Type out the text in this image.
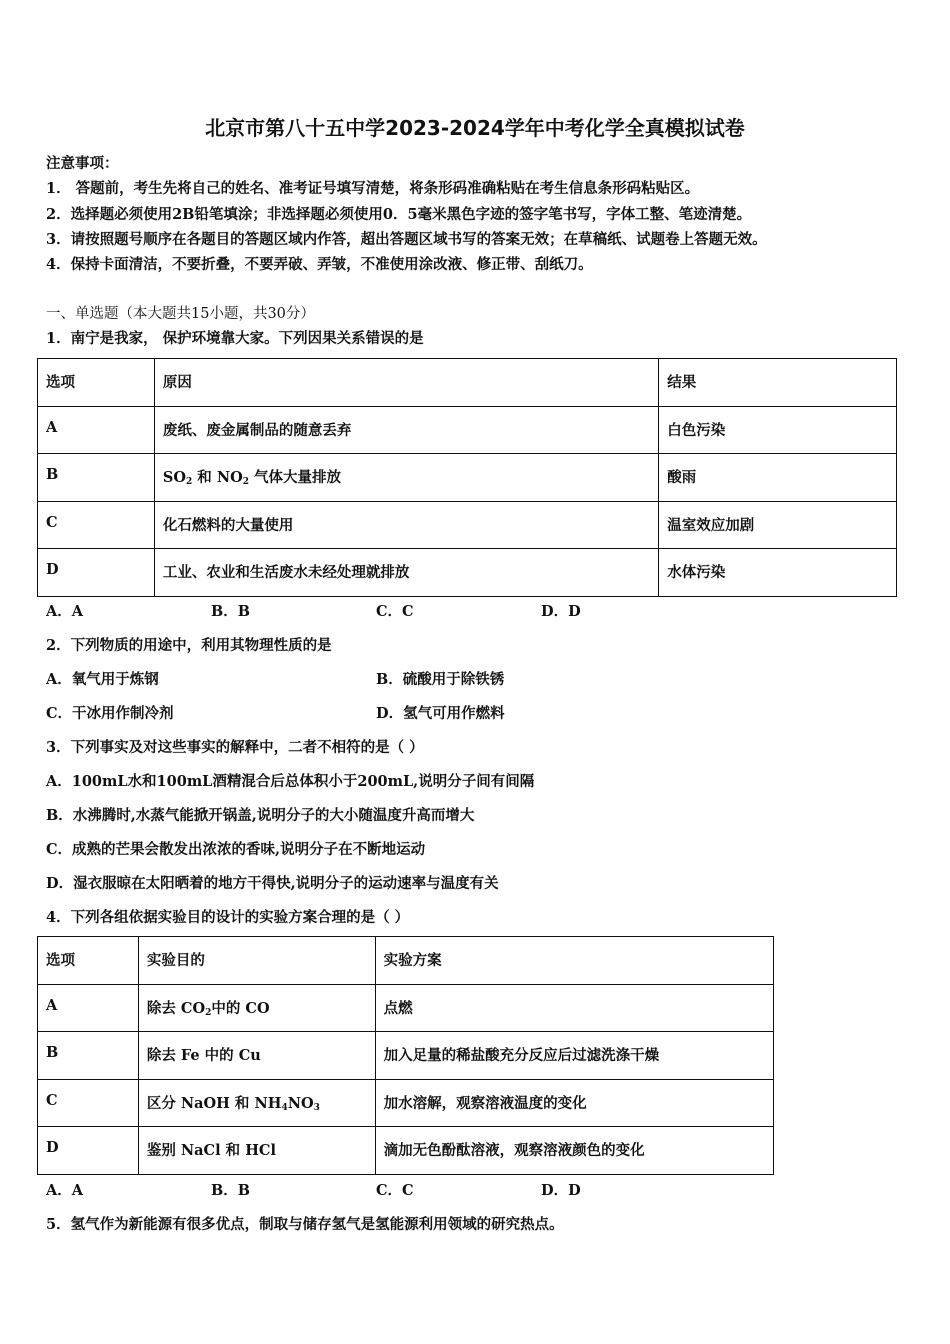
北京市第八十五中学2023-2024学年中考化学全真模拟试卷
注意事项：
1． 答题前，考生先将自己的姓名、准考证号填写清楚，将条形码准确粘贴在考生信息条形码粘贴区。
2．选择题必须使用2B铅笔填涂；非选择题必须使用0．5毫米黑色字迹的签字笔书写，字体工整、笔迹清楚。
3．请按照题号顺序在各题目的答题区域内作答，超出答题区域书写的答案无效；在草稿纸、试题卷上答题无效。
4．保持卡面清洁，不要折叠，不要弄破、弄皱，不准使用涂改液、修正带、刮纸刀。
一、单选题（本大题共15小题，共30分）
1．南宁是我家， 保护环境靠大家。下列因果关系错误的是
选项	原因	结果
A	废纸、废金属制品的随意丢弃	白色污染
B	$SO_2$ 和 $NO_2$ 气体大量排放	酸雨
C	化石燃料的大量使用	温室效应加剧
D	工业、农业和生活废水未经处理就排放	水体污染
A．A	B．B	C．C	D．D
2．下列物质的用途中，利用其物理性质的是
A．氧气用于炼钢	B．硫酸用于除铁锈
C．干冰用作制冷剂	D．氢气可用作燃料
3．下列事实及对这些事实的解释中，二者不相符的是（ ）
A．100mL水和100mL酒精混合后总体积小于200mL,说明分子间有间隔
B．水沸腾时,水蒸气能掀开锅盖,说明分子的大小随温度升高而增大
C．成熟的芒果会散发出浓浓的香味,说明分子在不断地运动
D．湿衣服晾在太阳晒着的地方干得快,说明分子的运动速率与温度有关
4．下列各组依据实验目的设计的实验方案合理的是（ ）
选项	实验目的	实验方案
A	除去 $CO_2$中的 CO	点燃
B	除去 Fe 中的 Cu	加入足量的稀盐酸充分反应后过滤洗涤干燥
C	区分 NaOH 和 $NH_4NO_3$	加水溶解，观察溶液温度的变化
D	鉴别 NaCl 和 HCl	滴加无色酚酞溶液，观察溶液颜色的变化
A．A	B．B	C．C	D．D
5．氢气作为新能源有很多优点，制取与储存氢气是氢能源利用领域的研究热点。
